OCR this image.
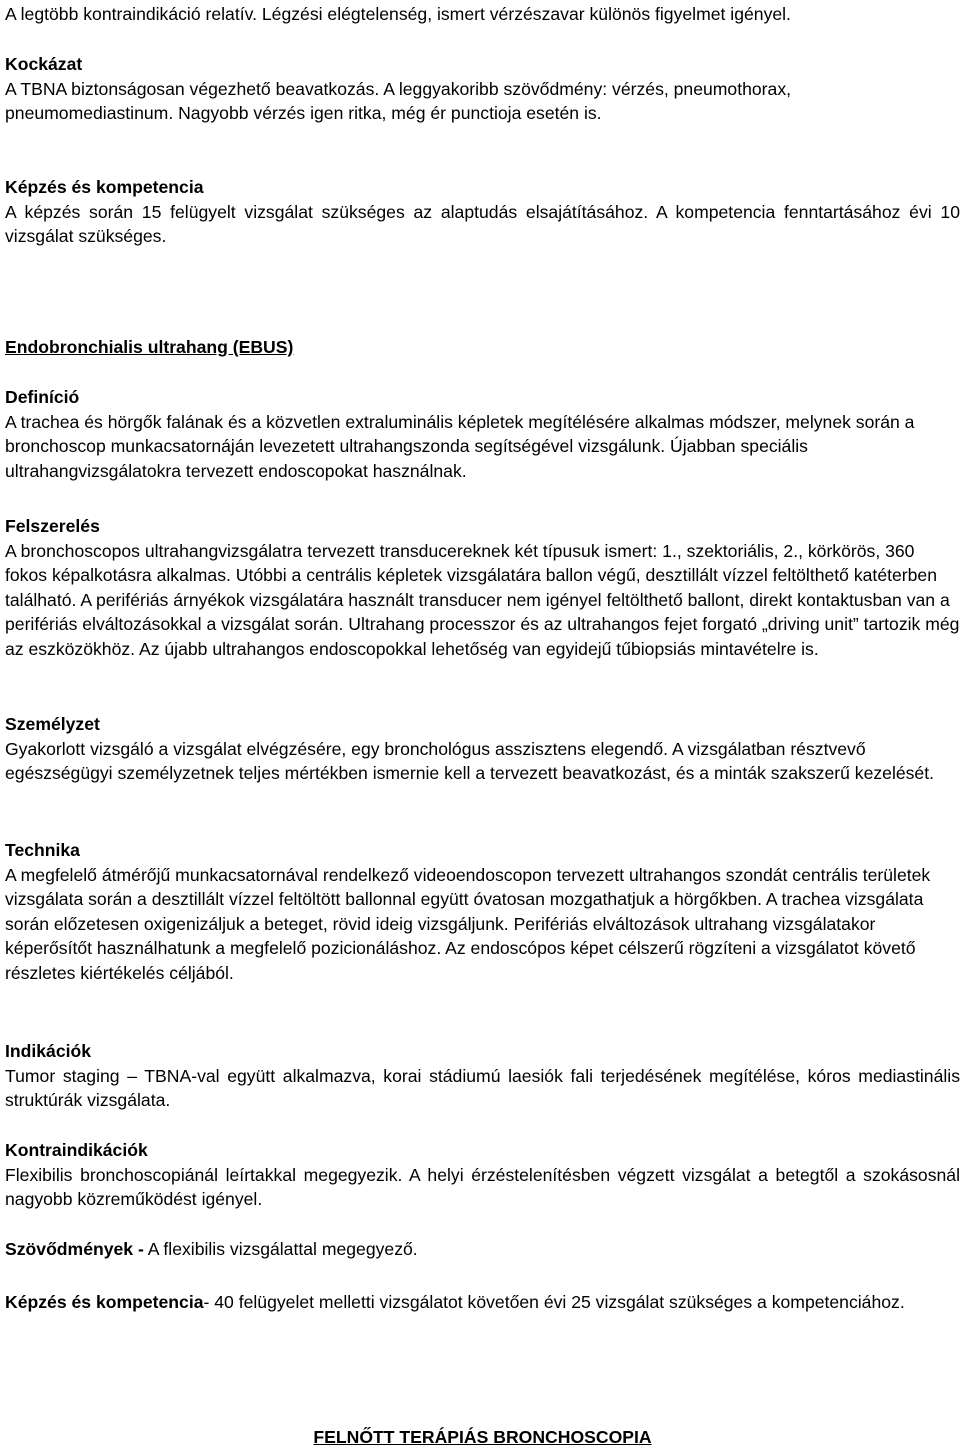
A legtöbb kontraindikáció relatív. Légzési elégtelenség, ismert vérzészavar különös figyelmet igényel.
Kockázat
A TBNA biztonságosan végezhető beavatkozás. A leggyakoribb szövődmény: vérzés, pneumothorax, pneumomediastinum. Nagyobb vérzés igen ritka, még ér punctioja esetén is.
Képzés és kompetencia
A képzés során 15 felügyelt vizsgálat szükséges az alaptudás elsajátításához. A kompetencia fenntartásához évi 10 vizsgálat szükséges.
Endobronchialis ultrahang (EBUS)
Definíció
A trachea és hörgők falának és a közvetlen extraluminális képletek megítélésére alkalmas módszer, melynek során a bronchoscop munkacsatornáján levezetett ultrahangszonda segítségével vizsgálunk. Újabban speciális ultrahangvizsgálatokra tervezett endoscopokat használnak.
Felszerelés
A bronchoscopos ultrahangvizsgálatra tervezett transducereknek két típusuk ismert: 1., szektoriális, 2., körkörös, 360 fokos képalkotásra alkalmas. Utóbbi a centrális képletek vizsgálatára ballon végű, desztillált vízzel feltölthető katéterben található. A perifériás árnyékok vizsgálatára használt transducer nem igényel feltölthető ballont, direkt kontaktusban van a perifériás elváltozásokkal a vizsgálat során. Ultrahang processzor és az ultrahangos fejet forgató „driving unit” tartozik még az eszközökhöz. Az újabb ultrahangos endoscopokkal lehetőség van egyidejű tűbiopsiás mintavételre is.
Személyzet
Gyakorlott vizsgáló a vizsgálat elvégzésére, egy bronchológus asszisztens elegendő. A vizsgálatban résztvevő egészségügyi személyzetnek teljes mértékben ismernie kell a tervezett beavatkozást, és a minták szakszerű kezelését.
Technika
A megfelelő átmérőjű munkacsatornával rendelkező videoendoscopon tervezett ultrahangos szondát centrális területek vizsgálata során a desztillált vízzel feltöltött ballonnal együtt óvatosan mozgathatjuk a hörgőkben. A trachea vizsgálata során előzetesen oxigenizáljuk a beteget, rövid ideig vizsgáljunk. Perifériás elváltozások ultrahang vizsgálatakor képerősítőt használhatunk a megfelelő pozicionáláshoz. Az endoscópos képet célszerű rögzíteni a vizsgálatot követő részletes kiértékelés céljából.
Indikációk
Tumor staging – TBNA-val együtt alkalmazva, korai stádiumú laesiók fali terjedésének megítélése, kóros mediastinális struktúrák vizsgálata.
Kontraindikációk
Flexibilis bronchoscopiánál leírtakkal megegyezik. A helyi érzéstelenítésben végzett vizsgálat a betegtől a szokásosnál nagyobb közreműködést igényel.
Szövődmények - A flexibilis vizsgálattal megegyező.
Képzés és kompetencia- 40 felügyelet melletti vizsgálatot követően évi 25 vizsgálat szükséges a kompetenciához.
FELNŐTT TERÁPIÁS BRONCHOSCOPIA
